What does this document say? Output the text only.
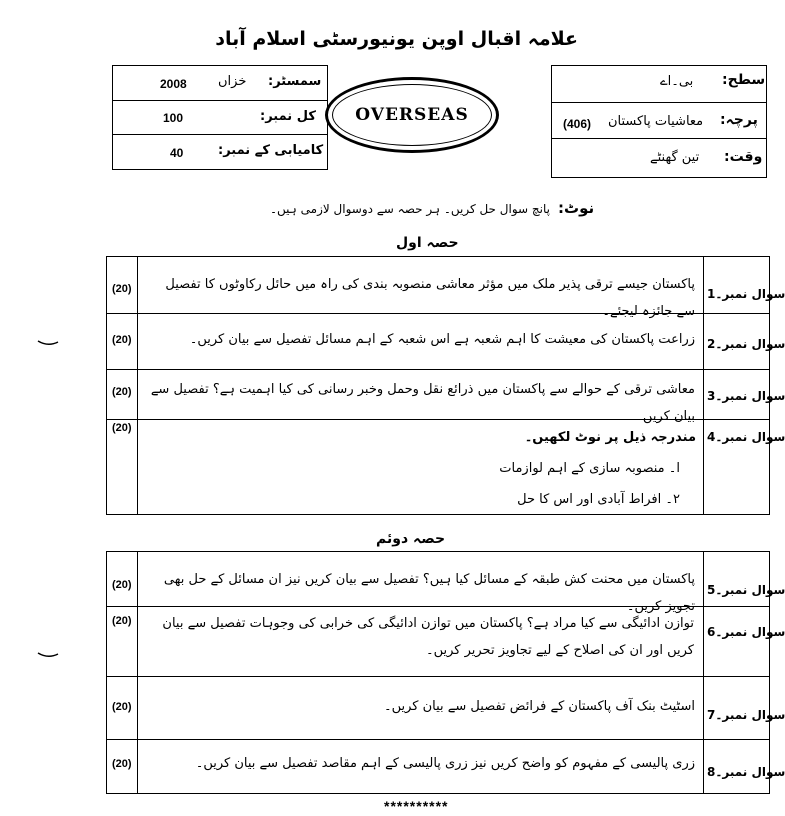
علامہ اقبال اوپن یونیورسٹی اسلام آباد
سمسٹر:
خزاں
2008
کل نمبر:
100
کامیابی کے نمبر:
40
OVERSEAS
سطح:
بی۔اے
پرچہ:
معاشیات پاکستان
(406)
وقت:
تین گھنٹے
نوٹ:
پانچ سوال حل کریں۔ ہر حصہ سے دوسوال لازمی ہیں۔
حصہ اول
سوال نمبر۔1
پاکستان جیسے ترقی پذیر ملک میں مؤثر معاشی منصوبہ بندی کی راہ میں حائل رکاوٹوں کا تفصیل سے جائزہ لیجئے۔
(20)
سوال نمبر۔2
زراعت پاکستان کی معیشت کا اہم شعبہ ہے اس شعبہ کے اہم مسائل تفصیل سے بیان کریں۔
(20)
سوال نمبر۔3
معاشی ترقی کے حوالے سے پاکستان میں ذرائع نقل وحمل وخبر رسانی کی کیا اہمیت ہے؟ تفصیل سے بیان کریں۔
(20)
سوال نمبر۔4
مندرجہ ذیل پر نوٹ لکھیں۔
ا۔ منصوبہ سازی کے اہم لوازمات
۲۔ افراط آبادی اور اس کا حل
(20)
حصہ دوئم
سوال نمبر۔5
پاکستان میں محنت کش طبقہ کے مسائل کیا ہیں؟ تفصیل سے بیان کریں نیز ان مسائل کے حل بھی تجویز کریں۔
(20)
سوال نمبر۔6
توازن ادائیگی سے کیا مراد ہے؟ پاکستان میں توازن ادائیگی کی خرابی کی وجوہات تفصیل سے بیان کریں اور ان کی اصلاح کے لیے تجاویز تحریر کریں۔
(20)
سوال نمبر۔7
اسٹیٹ بنک آف پاکستان کے فرائض تفصیل سے بیان کریں۔
(20)
سوال نمبر۔8
زری پالیسی کے مفہوم کو واضح کریں نیز زری پالیسی کے اہم مقاصد تفصیل سے بیان کریں۔
(20)
**********
